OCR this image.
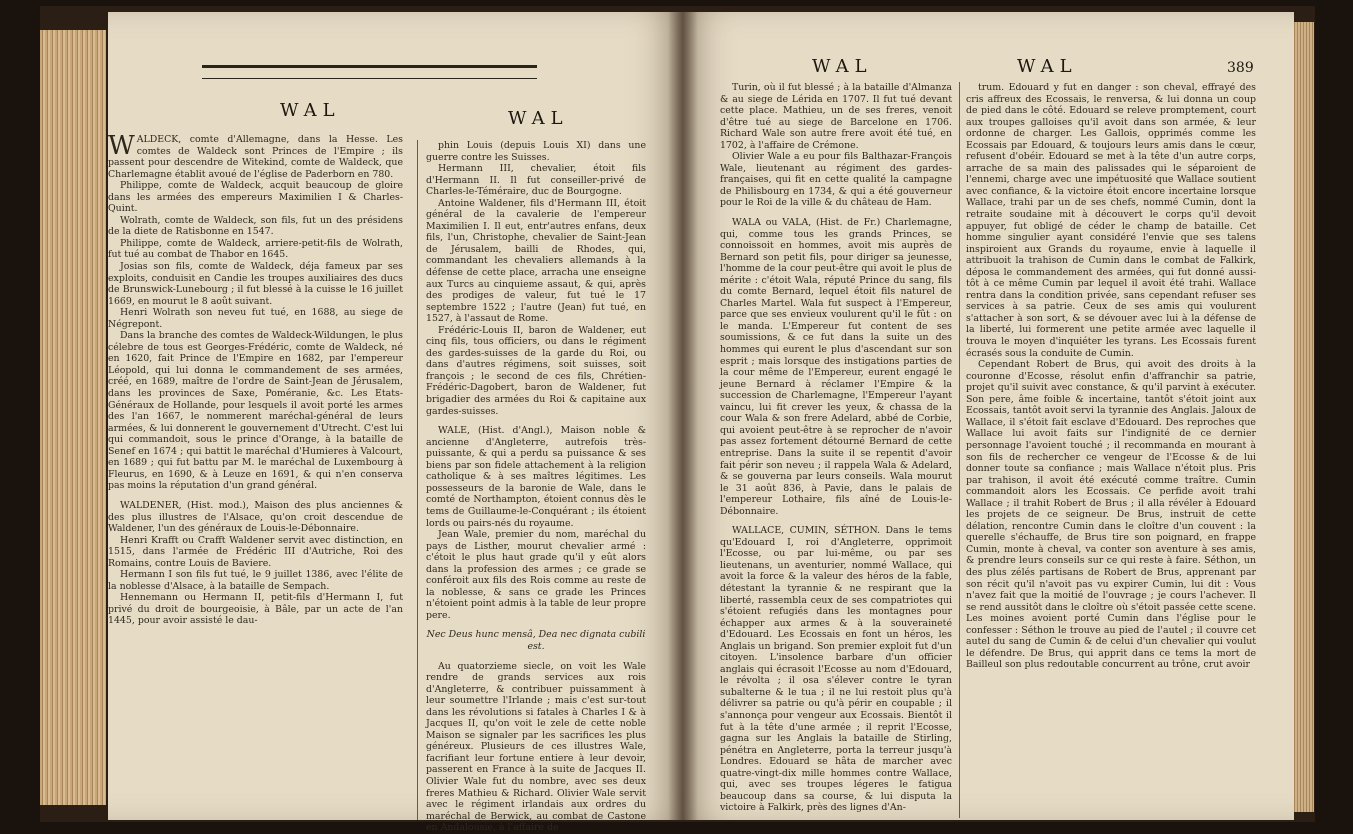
WAL	WAL

WALDECK, comte d'Allemagne, dans la Hesse. Les comtes de Waldeck sont Princes de l'Empire ; ils passent pour descendre de Witekind, comte de Waldeck, que Charlemagne établit avoué de l'église de Paderborn en 780.

Philippe, comte de Waldeck, acquit beaucoup de gloire dans les armées des empereurs Maximilien I & Charles-Quint.

Wolrath, comte de Waldeck, son fils, fut un des présidens de la diete de Ratisbonne en 1547.

Philippe, comte de Waldeck, arriere-petit-fils de Wolrath, fut tué au combat de Thabor en 1645.

Josias son fils, comte de Waldeck, déja fameux par ses exploits, conduisit en Candie les troupes auxiliaires des ducs de Brunswick-Lunebourg ; il fut blessé à la cuisse le 16 juillet 1669, en mourut le 8 août suivant.

Henri Wolrath son neveu fut tué, en 1688, au siege de Négrepont.

Dans la branche des comtes de Waldeck-Wildungen, le plus célebre de tous est Georges-Frédéric, comte de Waldeck, né en 1620, fait Prince de l'Empire en 1682, par l'empereur Léopold, qui lui donna le commandement de ses armées, créé, en 1689, maître de l'ordre de Saint-Jean de Jérusalem, dans les provinces de Saxe, Poméranie, &c. Les Etats-Généraux de Hollande, pour lesquels il avoit porté les armes des l'an 1667, le nommerent maréchal-général de leurs armées, & lui donnerent le gouvernement d'Utrecht. C'est lui qui commandoit, sous le prince d'Orange, à la bataille de Senef en 1674 ; qui battit le maréchal d'Humieres à Valcourt, en 1689 ; qui fut battu par M. le maréchal de Luxembourg à Fleurus, en 1690, & à Leuze en 1691, & qui n'en conserva pas moins la réputation d'un grand général.

WALDENER, (Hist. mod.), Maison des plus anciennes & des plus illustres de l'Alsace, qu'on croit descendue de Waldener, l'un des généraux de Louis-le-Débonnaire.

Henri Krafft ou Crafft Waldener servit avec distinction, en 1515, dans l'armée de Frédéric III d'Autriche, Roi des Romains, contre Louis de Baviere.

Hermann I son fils fut tué, le 9 juillet 1386, avec l'élite de la noblesse d'Alsace, à la bataille de Sempach.

Hennemann ou Hermann II, petit-fils d'Hermann I, fut privé du droit de bourgeoisie, à Bâle, par un acte de l'an 1445, pour avoir assisté le dau-

phin Louis (depuis Louis XI) dans une guerre contre les Suisses.

Hermann III, chevalier, étoit fils d'Hermann II. Il fut conseiller-privé de Charles-le-Téméraire, duc de Bourgogne.

Antoine Waldener, fils d'Hermann III, étoit général de la cavalerie de l'empereur Maximilien I. Il eut, entr'autres enfans, deux fils, l'un, Christophe, chevalier de Saint-Jean de Jérusalem, bailli de Rhodes, qui, commandant les chevaliers allemands à la défense de cette place, arracha une enseigne aux Turcs au cinquieme assaut, & qui, après des prodiges de valeur, fut tué le 17 septembre 1522 ; l'autre (Jean) fut tué, en 1527, à l'assaut de Rome.

Frédéric-Louis II, baron de Waldener, eut cinq fils, tous officiers, ou dans le régiment des gardes-suisses de la garde du Roi, ou dans d'autres régimens, soit suisses, soit françois ; le second de ces fils, Chrétien-Frédéric-Dagobert, baron de Waldener, fut brigadier des armées du Roi & capitaine aux gardes-suisses.

WALE, (Hist. d'Angl.), Maison noble & ancienne d'Angleterre, autrefois très-puissante, & qui a perdu sa puissance & ses biens par son fidele attachement à la religion catholique & à ses maîtres légitimes. Les possesseurs de la baronie de Wale, dans le comté de Northampton, étoient connus dès le tems de Guillaume-le-Conquérant ; ils étoient lords ou pairs-nés du royaume.

Jean Wale, premier du nom, maréchal du pays de Listher, mourut chevalier armé : c'étoit le plus haut grade qu'il y eût alors dans la profession des armes ; ce grade se conféroit aux fils des Rois comme au reste de la noblesse, & sans ce grade les Princes n'étoient point admis à la table de leur propre pere.

Nec Deus hunc mensâ, Dea nec dignata cubili est.

Au quatorzieme siecle, on voit les Wale rendre de grands services aux rois d'Angleterre, & contribuer puissamment à leur soumettre l'Irlande ; mais c'est sur-tout dans les révolutions si fatales à Charles I & à Jacques II, qu'on voit le zele de cette noble Maison se signaler par les sacrifices les plus généreux. Plusieurs de ces illustres Wale, facrifiant leur fortune entiere à leur devoir, passerent en France à la suite de Jacques II. Olivier Wale fut du nombre, avec ses deux freres Mathieu & Richard. Olivier Wale servit avec le régiment irlandais aux ordres du maréchal de Berwick, au combat de Castone en Andalousie, à l'affaire de

WAL	WAL	389

Turin, où il fut blessé ; à la bataille d'Almanza & au siege de Lérida en 1707. Il fut tué devant cette place. Mathieu, un de ses freres, venoit d'être tué au siege de Barcelone en 1706. Richard Wale son autre frere avoit été tué, en 1702, à l'affaire de Crémone.

Olivier Wale a eu pour fils Balthazar-François Wale, lieutenant au régiment des gardes-françaises, qui fit en cette qualité la campagne de Philisbourg en 1734, & qui a été gouverneur pour le Roi de la ville & du château de Ham.

WALA ou VALA, (Hist. de Fr.) Charlemagne, qui, comme tous les grands Princes, se connoissoit en hommes, avoit mis auprès de Bernard son petit fils, pour diriger sa jeunesse, l'homme de la cour peut-être qui avoit le plus de mérite : c'étoit Wala, réputé Prince du sang, fils du comte Bernard, lequel étoit fils naturel de Charles Martel. Wala fut suspect à l'Empereur, parce que ses envieux voulurent qu'il le fût : on le manda. L'Empereur fut content de ses soumissions, & ce fut dans la suite un des hommes qui eurent le plus d'ascendant sur son esprit ; mais lorsque des instigations parties de la cour même de l'Empereur, eurent engagé le jeune Bernard à réclamer l'Empire & la succession de Charlemagne, l'Empereur l'ayant vaincu, lui fit crever les yeux, & chassa de la cour Wala & son frere Adelard, abbé de Corbie, qui avoient peut-être à se reprocher de n'avoir pas assez fortement détourné Bernard de cette entreprise. Dans la suite il se repentit d'avoir fait périr son neveu ; il rappela Wala & Adelard, & se gouverna par leurs conseils. Wala mourut le 31 août 836, à Pavie, dans le palais de l'empereur Lothaire, fils aîné de Louis-le-Débonnaire.

WALLACE, CUMIN, SÉTHON. Dans le tems qu'Edouard I, roi d'Angleterre, opprimoit l'Ecosse, ou par lui-même, ou par ses lieutenans, un aventurier, nommé Wallace, qui avoit la force & la valeur des héros de la fable, détestant la tyrannie & ne respirant que la liberté, rassembla ceux de ses compatriotes qui s'étoient refugiés dans les montagnes pour échapper aux armes & à la souveraineté d'Edouard. Les Ecossais en font un héros, les Anglais un brigand. Son premier exploit fut d'un citoyen. L'insolence barbare d'un officier anglais qui écrasoit l'Ecosse au nom d'Edouard, le révolta ; il osa s'élever contre le tyran subalterne & le tua ; il ne lui restoit plus qu'à délivrer sa patrie ou qu'à périr en coupable ; il s'annonça pour vengeur aux Ecossais. Bientôt il fut à la tête d'une armée ; il reprit l'Ecosse, gagna sur les Anglais la bataille de Stirling, pénétra en Angleterre, porta la terreur jusqu'à Londres. Edouard se hâta de marcher avec quatre-vingt-dix mille hommes contre Wallace, qui, avec ses troupes légeres le fatigua beaucoup dans sa course, & lui disputa la victoire à Falkirk, près des lignes d'An-

trum. Edouard y fut en danger : son cheval, effrayé des cris affreux des Ecossais, le renversa, & lui donna un coup de pied dans le côté. Edouard se releve promptement, court aux troupes galloises qu'il avoit dans son armée, & leur ordonne de charger. Les Gallois, opprimés comme les Ecossais par Edouard, & toujours leurs amis dans le cœur, refusent d'obéir. Edouard se met à la tête d'un autre corps, arrache de sa main des palissades qui le séparoient de l'ennemi, charge avec une impétuosité que Wallace soutient avec confiance, & la victoire étoit encore incertaine lorsque Wallace, trahi par un de ses chefs, nommé Cumin, dont la retraite soudaine mit à découvert le corps qu'il devoit appuyer, fut obligé de céder le champ de bataille. Cet homme singulier ayant considéré l'envie que ses talens inspiroient aux Grands du royaume, envie à laquelle il attribuoit la trahison de Cumin dans le combat de Falkirk, déposa le commandement des armées, qui fut donné aussi-tôt à ce même Cumin par lequel il avoit été trahi. Wallace rentra dans la condition privée, sans cependant refuser ses services à sa patrie. Ceux de ses amis qui voulurent s'attacher à son sort, & se dévouer avec lui à la défense de la liberté, lui formerent une petite armée avec laquelle il trouva le moyen d'inquiéter les tyrans. Les Ecossais furent écrasés sous la conduite de Cumin.

Cependant Robert de Brus, qui avoit des droits à la couronne d'Ecosse, résolut enfin d'affranchir sa patrie, projet qu'il suivit avec constance, & qu'il parvint à exécuter. Son pere, âme foible & incertaine, tantôt s'étoit joint aux Ecossais, tantôt avoit servi la tyrannie des Anglais. Jaloux de Wallace, il s'étoit fait esclave d'Edouard. Des reproches que Wallace lui avoit faits sur l'indignité de ce dernier personnage l'avoient touché ; il recommanda en mourant à son fils de rechercher ce vengeur de l'Ecosse & de lui donner toute sa confiance ; mais Wallace n'étoit plus. Pris par trahison, il avoit été exécuté comme traître. Cumin commandoit alors les Ecossais. Ce perfide avoit trahi Wallace ; il trahit Robert de Brus ; il alla révéler à Edouard les projets de ce seigneur. De Brus, instruit de cette délation, rencontre Cumin dans le cloître d'un couvent : la querelle s'échauffe, de Brus tire son poignard, en frappe Cumin, monte à cheval, va conter son aventure à ses amis, & prendre leurs conseils sur ce qui reste à faire. Séthon, un des plus zélés partisans de Robert de Brus, apprenant par son récit qu'il n'avoit pas vu expirer Cumin, lui dit : Vous n'avez fait que la moitié de l'ouvrage ; je cours l'achever. Il se rend aussitôt dans le cloître où s'étoit passée cette scene. Les moines avoient porté Cumin dans l'église pour le confesser : Séthon le trouve au pied de l'autel ; il couvre cet autel du sang de Cumin & de celui d'un chevalier qui voulut le défendre. De Brus, qui apprit dans ce tems la mort de Bailleul son plus redoutable concurrent au trône, crut avoir
